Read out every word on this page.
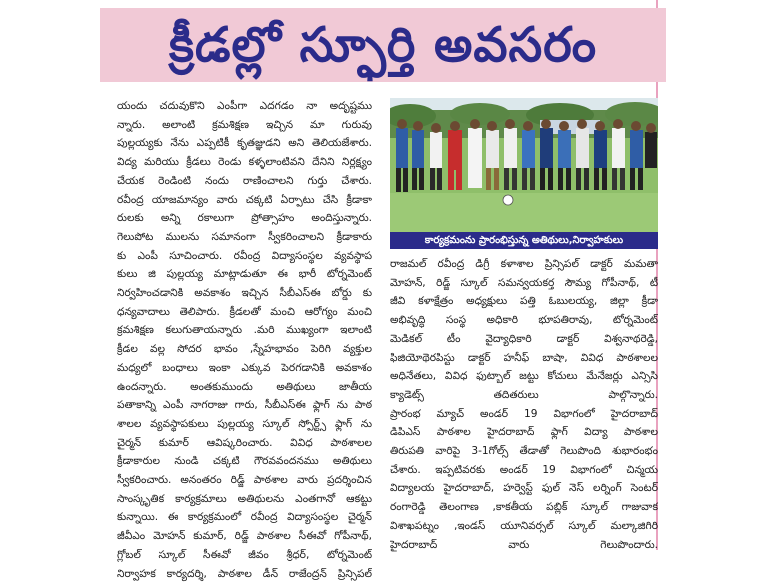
క్రీడల్లో స్ఫూర్తి అవసరం
యందు చదువుకొని ఎంపీగా ఎదగడం నా అదృష్టము
న్నారు. అలాంటి క్రమశిక్షణ ఇచ్చిన మా గురువు
పుల్లయ్యకు నేను ఎప్పటికీ కృతజ్ఞుడని అని తెలియజేశారు.
విద్య మరియు క్రీడలు రెండు కళ్ళలాంటివని దేనిని నిర్లక్ష్యం
చేయక రెండింటి నందు రాణించాలని గుర్తు చేశారు.
రవీంద్ర యాజమాన్యం వారు చక్కటి ఏర్పాటు చేసి క్రీడాకా
రులకు అన్ని రకాలుగా ప్రోత్సాహం అందిస్తున్నారు.
గెలుపోట ములను సమానంగా స్వీకరించాలని క్రీడాకారు
కు ఎంపీ సూచించారు. రవీంద్ర విద్యాసంస్థల వ్యవస్థాప
కులు జి పుల్లయ్య మాట్లాడుతూ ఈ భారీ టోర్నమెంట్
నిర్వహించడానికి అవకాశం ఇచ్చిన సీబీఎస్ఈ బోర్డు కు
ధన్యవాదాలు తెలిపారు. క్రీడలతో మంచి ఆరోగ్యం మంచి
క్రమశిక్షణ కలుగుతాయన్నారు .మరి ముఖ్యంగా ఇలాంటి
క్రీడల వల్ల సోదర భావం ,స్నేహభావం పెరిగి వ్యక్తుల
మధ్యలో బంధాలు ఇంకా ఎక్కువ పెరగడానికి అవకాశం
ఉందన్నారు. అంతకుముందు అతిథులు జాతీయ
పతాకాన్ని ఎంపీ నాగరాజు గారు, సీబీఎస్ఈ ఫ్లాగ్ ను పాఠ
శాలల వ్యవస్థాపకులు పుల్లయ్య స్కూల్ స్పోర్ట్స్ ఫ్లాగ్ ను
చైర్మన్ కుమార్ ఆవిష్కరించారు. వివిధ పాఠశాలల
క్రీడాకారుల నుండి చక్కటి గౌరవవందనము అతిథులు
స్వీకరించారు. అనంతరం రిడ్జ్ పాఠశాల వారు ప్రదర్శించిన
సాంస్కృతిక కార్యక్రమాలు అతిథులను ఎంతగానో ఆకట్టు
కున్నాయి. ఈ కార్యక్రమంలో రవీంద్ర విద్యాసంస్థల చైర్మన్
జీవీఎం మోహన్ కుమార్, రిడ్జ్ పాఠశాల సీఈవో గోపీనాథ్,
గ్లోబల్ స్కూల్ సీఈవో జీవం శ్రీధర్, టోర్నమెంట్
నిర్వాహక కార్యదర్శి, పాఠశాల డీన్ రాజేంద్రన్ ప్రిన్సిపల్
కార్యక్రమంను ప్రారంభిస్తున్న అతిథులు,నిర్వాహకులు
రాజమల్ రవీంద్ర డిగ్రీ కళాశాల ప్రిన్సిపల్ డాక్టర్ మమతా
మోహన్, రిడ్జ్ స్కూల్ సమన్వయకర్త సౌమ్య గోపీనాథ్, టీ
జీవి కళాక్షేత్రం అధ్యక్షులు పత్తి ఓబులయ్య, జిల్లా క్రీడా
అభివృద్ధి సంస్థ అధికారి భూపతిరావు, టోర్నమెంట్
మెడికల్ టీం వైద్యాధికారి డాక్టర్ విశ్వనాథరెడ్డి,
ఫిజియోథెరపిస్టు డాక్టర్ హనీఫ్ బాషా, వివిధ పాఠశాలల
అధినేతలు, వివిధ ఫుట్బాల్ జట్టు కోచులు మేనేజర్లు ఎన్సిసి
క్యాడెట్స్ తదితరులు పాల్గొన్నారు.
ప్రారంభ మ్యాచ్ అండర్ 19 విభాగంలో హైదరాబాద్
డిపిఎస్ పాఠశాల హైదరాబాద్ ఫ్లాగ్ విద్యా పాఠశాల
తిరుపతి వారిపై 3-1గోల్స్ తేడాతో గెలుపొంది శుభారంభం
చేశారు. ఇప్పటివరకు అండర్ 19 విభాగంలో చిన్మయ
విద్యాలయ హైదరాబాద్, హర్వెస్ట్ ఫుల్ నెస్ లర్నింగ్ సెంటర్
రంగారెడ్డి తెలంగాణ ,కాకతీయ పబ్లిక్ స్కూల్ గాజువాక
విశాఖపట్నం ,ఇండస్ యూనివర్సల్ స్కూల్ మల్కాజిగిరి
హైదరాబాద్ వారు గెలుపొందారు.
